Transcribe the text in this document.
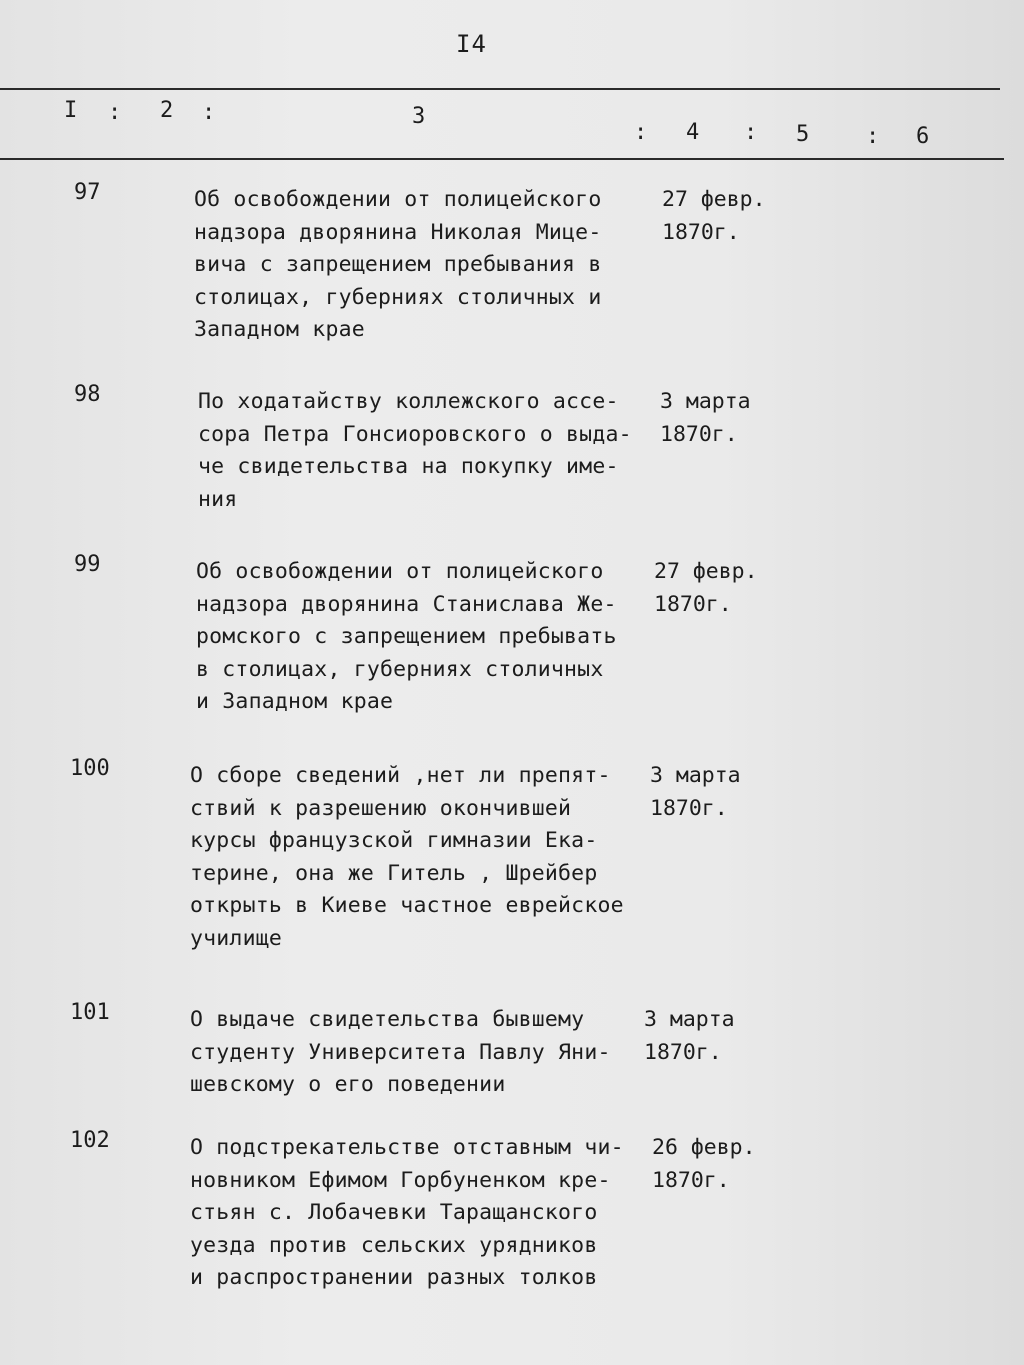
I4
I : 2 :	3
: 4 : 5	: 6
97	Об освобождении от полицейского
надзора дворянина Николая Мице-
вича с запрещением пребывания в
столицах, губерниях столичных и
Западном крае
27 февр.
1870г.
98	По ходатайству коллежского ассе-
сора Петра Гонсиоровского о выда-
че свидетельства на покупку име-
ния
3 марта
1870г.
99	Об освобождении от полицейского
надзора дворянина Станислава Же-
ромского с запрещением пребывать
в столицах, губерниях столичных
и Западном крае
27 февр.
1870г.
100	О сборе сведений ,нет ли препят-
ствий к разрешению окончившей
курсы французской гимназии Ека-
терине, она же Гитель , Шрейбер
открыть в Киеве частное еврейское
училище
3 марта
1870г.
101	О выдаче свидетельства бывшему
студенту Университета Павлу Яни-
шевскому о его поведении
3 марта
1870г.
102	О подстрекательстве отставным чи-
новником Ефимом Горбуненком кре-
стьян с. Лобачевки Таращанского
уезда против сельских урядников
и распространении разных толков
26 февр.
1870г.
